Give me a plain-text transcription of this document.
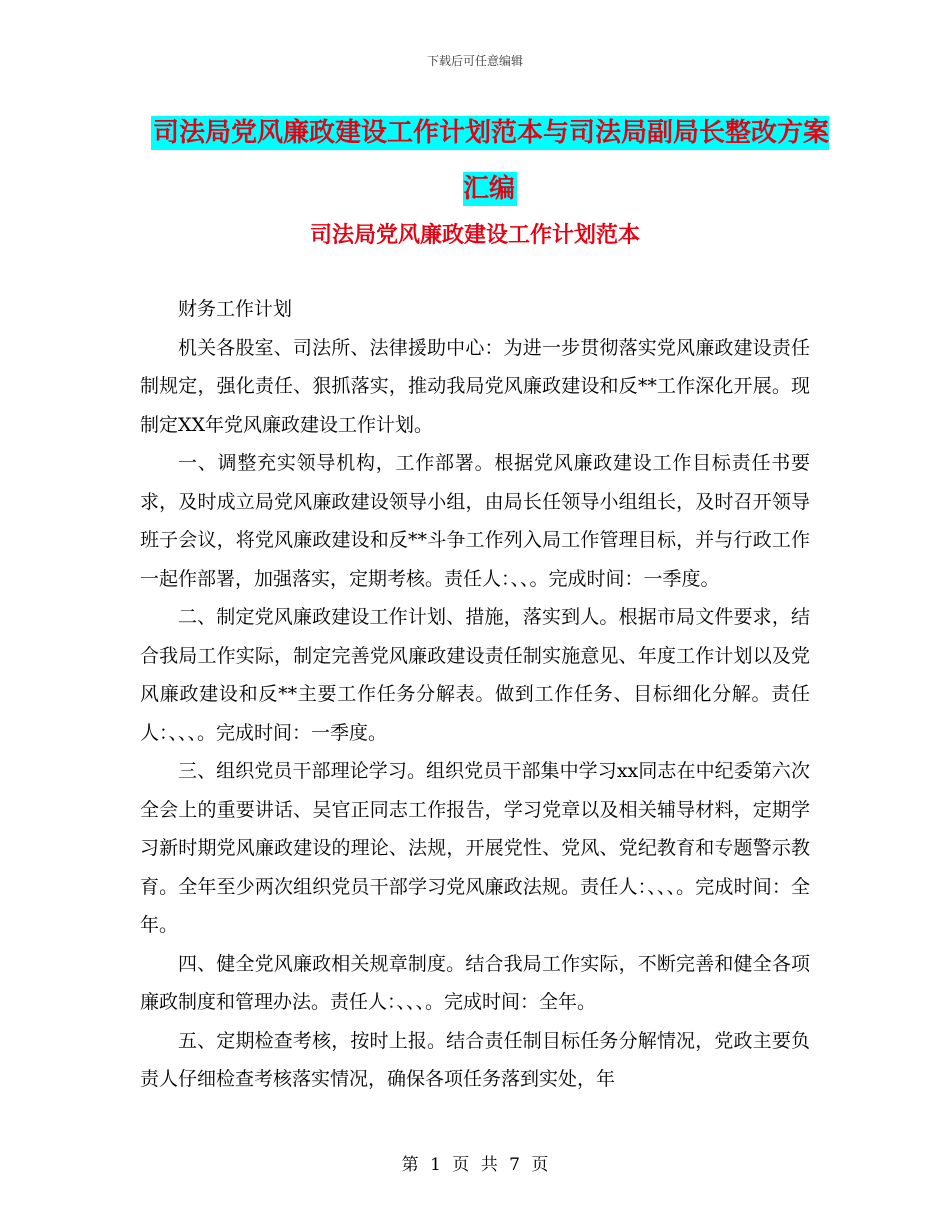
下载后可任意编辑
司法局党风廉政建设工作计划范本与司法局副局长整改方案汇编
司法局党风廉政建设工作计划范本

财务工作计划

机关各股室、司法所、法律援助中心：为进一步贯彻落实党风廉政建设责任制规定，强化责任、狠抓落实，推动我局党风廉政建设和反**工作深化开展。现制定XX年党风廉政建设工作计划。

一、调整充实领导机构，工作部署。根据党风廉政建设工作目标责任书要求，及时成立局党风廉政建设领导小组，由局长任领导小组组长，及时召开领导班子会议，将党风廉政建设和反**斗争工作列入局工作管理目标，并与行政工作一起作部署，加强落实，定期考核。责任人：、、。完成时间：一季度。

二、制定党风廉政建设工作计划、措施，落实到人。根据市局文件要求，结合我局工作实际，制定完善党风廉政建设责任制实施意见、年度工作计划以及党风廉政建设和反**主要工作任务分解表。做到工作任务、目标细化分解。责任人：、、、。完成时间：一季度。

三、组织党员干部理论学习。组织党员干部集中学习xx同志在中纪委第六次全会上的重要讲话、吴官正同志工作报告，学习党章以及相关辅导材料，定期学习新时期党风廉政建设的理论、法规，开展党性、党风、党纪教育和专题警示教育。全年至少两次组织党员干部学习党风廉政法规。责任人：、、、。完成时间：全年。

四、健全党风廉政相关规章制度。结合我局工作实际，不断完善和健全各项廉政制度和管理办法。责任人：、、、。完成时间：全年。

五、定期检查考核，按时上报。结合责任制目标任务分解情况，党政主要负责人仔细检查考核落实情况，确保各项任务落到实处，年

第 1 页 共 7 页
